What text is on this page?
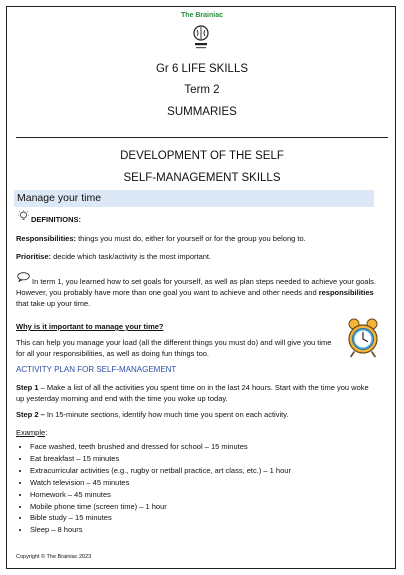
The Brainiac
Gr 6 LIFE SKILLS
Term 2
SUMMARIES
DEVELOPMENT OF THE SELF
SELF-MANAGEMENT SKILLS
Manage your time
DEFINITIONS:
Responsibilities: things you must do, either for yourself or for the group you belong to.
Prioritise: decide which task/activity is the most important.
In term 1, you learned how to set goals for yourself, as well as plan steps needed to achieve your goals. However, you probably have more than one goal you want to achieve and other needs and responsibilities that take up your time.
Why is it important to manage your time?
This can help you manage your load (all the different things you must do) and will give you time for all your responsibilities, as well as doing fun things too.
ACTIVITY PLAN FOR SELF-MANAGEMENT
Step 1 – Make a list of all the activities you spent time on in the last 24 hours. Start with the time you woke up yesterday morning and end with the time you woke up today.
Step 2 – In 15-minute sections, identify how much time you spent on each activity.
Example:
• Face washed, teeth brushed and dressed for school – 15 minutes
• Eat breakfast – 15 minutes
• Extracurricular activities (e.g., rugby or netball practice, art class, etc.) – 1 hour
• Watch television – 45 minutes
• Homework – 45 minutes
• Mobile phone time (screen time) – 1 hour
• Bible study – 15 minutes
• Sleep – 8 hours
Copyright © The Brainiac 2023
